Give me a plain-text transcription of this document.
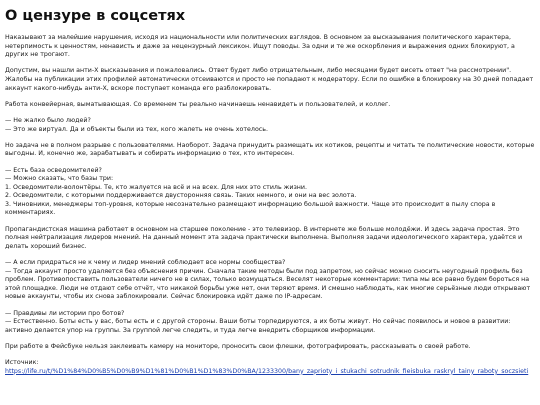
О цензуре в соцсетях

Наказывают за малейшие нарушения, исходя из национальности или политических взглядов. В основном за высказывания политического характера, нетерпимость к ценностям, ненависть и даже за нецензурный лексикон. Ищут поводы. За одни и те же оскорбления и выражения одних блокируют, а других не трогают.

Допустим, вы нашли анти-Х высказывания и пожаловались. Ответ будет либо отрицательным, либо месяцами будет висеть ответ "на рассмотрении". Жалобы на публикации этих профилей автоматически отсеиваются и просто не попадают к модератору. Если по ошибке в блокировку на 30 дней попадает аккаунт какого-нибудь анти-Х, вскоре поступает команда его разблокировать.

Работа конвейерная, выматывающая. Со временем ты реально начинаешь ненавидеть и пользователей, и коллег.

— Не жалко было людей?
— Это же виртуал. Да и объекты были из тех, кого жалеть не очень хотелось.

Но задача не в полном разрыве с пользователями. Наоборот. Задача принудить размещать их котиков, рецепты и читать те политические новости, которые выгодны. И, конечно же, зарабатывать и собирать информацию о тех, кто интересен.

— Есть база осведомителей?
— Можно сказать, что базы три:
1. Осведомители-волонтёры. Те, кто жалуется на всё и на всех. Для них это стиль жизни.
2. Осведомители, с которыми поддерживается двусторонняя связь. Таких немного, и они на вес золота.
3. Чиновники, менеджеры топ-уровня, которые несознательно размещают информацию большой важности. Чаще это происходит в пылу спора в комментариях.

Пропагандистская машина работает в основном на старшее поколение - это телевизор. В интернете же больше молодёжи. И здесь задача простая. Это полная нейтрализация лидеров мнений. На данный момент эта задача практически выполнена. Выполняя задачи идеологического характера, удаётся и делать хороший бизнес.

— А если придраться не к чему и лидер мнений соблюдает все нормы сообщества?
— Тогда аккаунт просто удаляется без объяснения причин. Сначала такие методы были под запретом, но сейчас можно сносить неугодный профиль без проблем. Противопоставить пользователи ничего не в силах, только возмущаться. Веселят некоторые комментарии: типа мы все равно будем бороться на этой площадке. Люди не отдают себе отчёт, что никакой борьбы уже нет, они теряют время. И смешно наблюдать, как многие серьёзные люди открывают новые аккаунты, чтобы их снова заблокировали. Сейчас блокировка идёт даже по IP-адресам.

— Правдивы ли истории про ботов?
— Естественно. Боты есть у вас, боты есть и с другой стороны. Ваши боты торпедируются, а их боты живут. Но сейчас появилось и новое в развитии: активно делается упор на группы. За группой легче следить, и туда легче внедрить сборщиков информации.

При работе в Фейсбуке нельзя заклеивать камеру на мониторе, проносить свои флешки, фотографировать, рассказывать о своей работе.

Источник:
https://life.ru/t/%D1%84%D0%B5%D0%B9%D1%81%D0%B1%D1%83%D0%BA/1233300/bany_zaprioty_i_stukachi_sotrudnik_fieisbuka_raskryl_tainy_raboty_soczsieti
